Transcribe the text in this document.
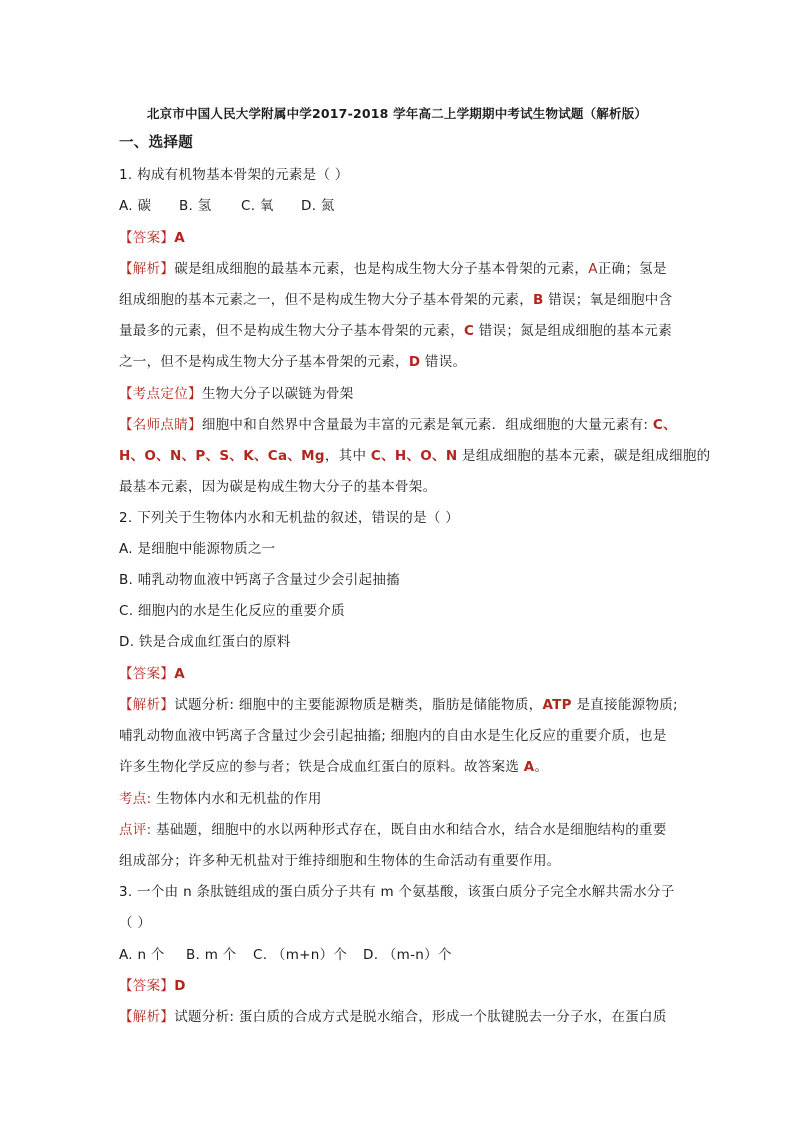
北京市中国人民大学附属中学2017-2018 学年高二上学期期中考试生物试题（解析版）
一、选择题
1. 构成有机物基本骨架的元素是（ ）
A. 碳 B. 氢 C. 氧 D. 氮
【答案】A
【解析】碳是组成细胞的最基本元素，也是构成生物大分子基本骨架的元素，A正确；氢是
组成细胞的基本元素之一，但不是构成生物大分子基本骨架的元素，B 错误；氧是细胞中含
量最多的元素，但不是构成生物大分子基本骨架的元素，C 错误；氮是组成细胞的基本元素
之一，但不是构成生物大分子基本骨架的元素，D 错误。
【考点定位】生物大分子以碳链为骨架
【名师点睛】细胞中和自然界中含量最为丰富的元素是氧元素．组成细胞的大量元素有: C、
H、O、N、P、S、K、Ca、Mg，其中 C、H、O、N 是组成细胞的基本元素，碳是组成细胞的
最基本元素，因为碳是构成生物大分子的基本骨架。
2. 下列关于生物体内水和无机盐的叙述，错误的是（ ）
A. 是细胞中能源物质之一
B. 哺乳动物血液中钙离子含量过少会引起抽搐
C. 细胞内的水是生化反应的重要介质
D. 铁是合成血红蛋白的原料
【答案】A
【解析】试题分析: 细胞中的主要能源物质是糖类，脂肪是储能物质，ATP 是直接能源物质;
哺乳动物血液中钙离子含量过少会引起抽搐; 细胞内的自由水是生化反应的重要介质，也是
许多生物化学反应的参与者；铁是合成血红蛋白的原料。故答案选 A。
考点: 生物体内水和无机盐的作用
点评: 基础题，细胞中的水以两种形式存在，既自由水和结合水，结合水是细胞结构的重要
组成部分；许多种无机盐对于维持细胞和生物体的生命活动有重要作用。
3. 一个由 n 条肽链组成的蛋白质分子共有 m 个氨基酸，该蛋白质分子完全水解共需水分子
（ ）
A. n 个 B. m 个 C. （m+n）个 D. （m-n）个
【答案】D
【解析】试题分析: 蛋白质的合成方式是脱水缩合，形成一个肽键脱去一分子水，在蛋白质
